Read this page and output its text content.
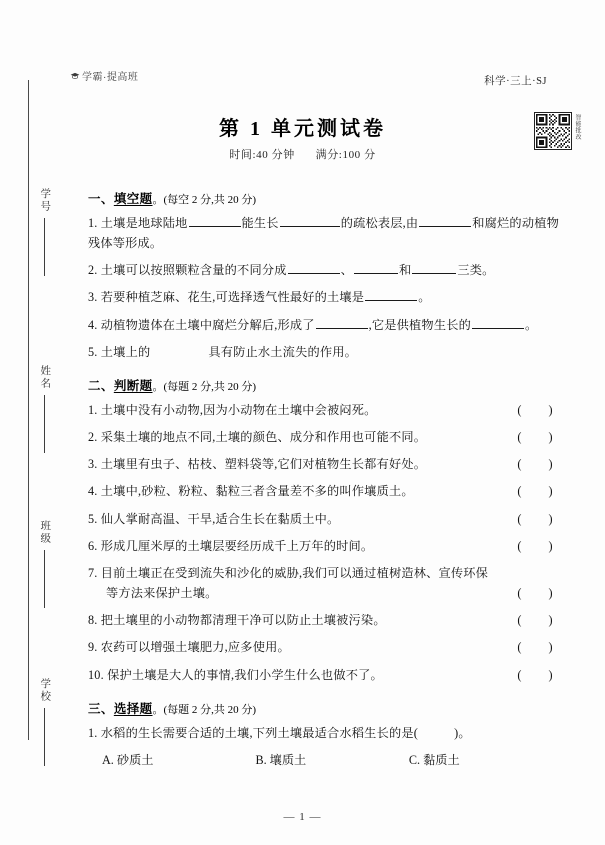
学号
姓名
班级
学校
学霸·提高班	科学·三上·SJ
第 1 单元测试卷
时间:40 分钟 满分:100 分
智能批改
一、填空题。(每空 2 分,共 20 分)
1. 土壤是地球陆地	能生长	的疏松表层,由	和腐烂的动植物残体等形成。
2. 土壤可以按照颗粒含量的不同分成	、	和	三类。
3. 若要种植芝麻、花生,可选择透气性最好的土壤是	。
4. 动植物遗体在土壤中腐烂分解后,形成了	,它是供植物生长的	。
5. 土壤上的	具有防止水土流失的作用。
二、判断题。(每题 2 分,共 20 分)
1. 土壤中没有小动物,因为小动物在土壤中会被闷死。	( )
2. 采集土壤的地点不同,土壤的颜色、成分和作用也可能不同。	( )
3. 土壤里有虫子、枯枝、塑料袋等,它们对植物生长都有好处。	( )
4. 土壤中,砂粒、粉粒、黏粒三者含量差不多的叫作壤质土。	( )
5. 仙人掌耐高温、干旱,适合生长在黏质土中。	( )
6. 形成几厘米厚的土壤层要经历成千上万年的时间。	( )
7. 目前土壤正在受到流失和沙化的威胁,我们可以通过植树造林、宣传环保
等方法来保护土壤。	( )
8. 把土壤里的小动物都清理干净可以防止土壤被污染。	( )
9. 农药可以增强土壤肥力,应多使用。	( )
10. 保护土壤是大人的事情,我们小学生什么也做不了。	( )
三、选择题。(每题 2 分,共 20 分)
1. 水稻的生长需要合适的土壤,下列土壤最适合水稻生长的是(	)。
A. 砂质土	B. 壤质土	C. 黏质土
— 1 —
